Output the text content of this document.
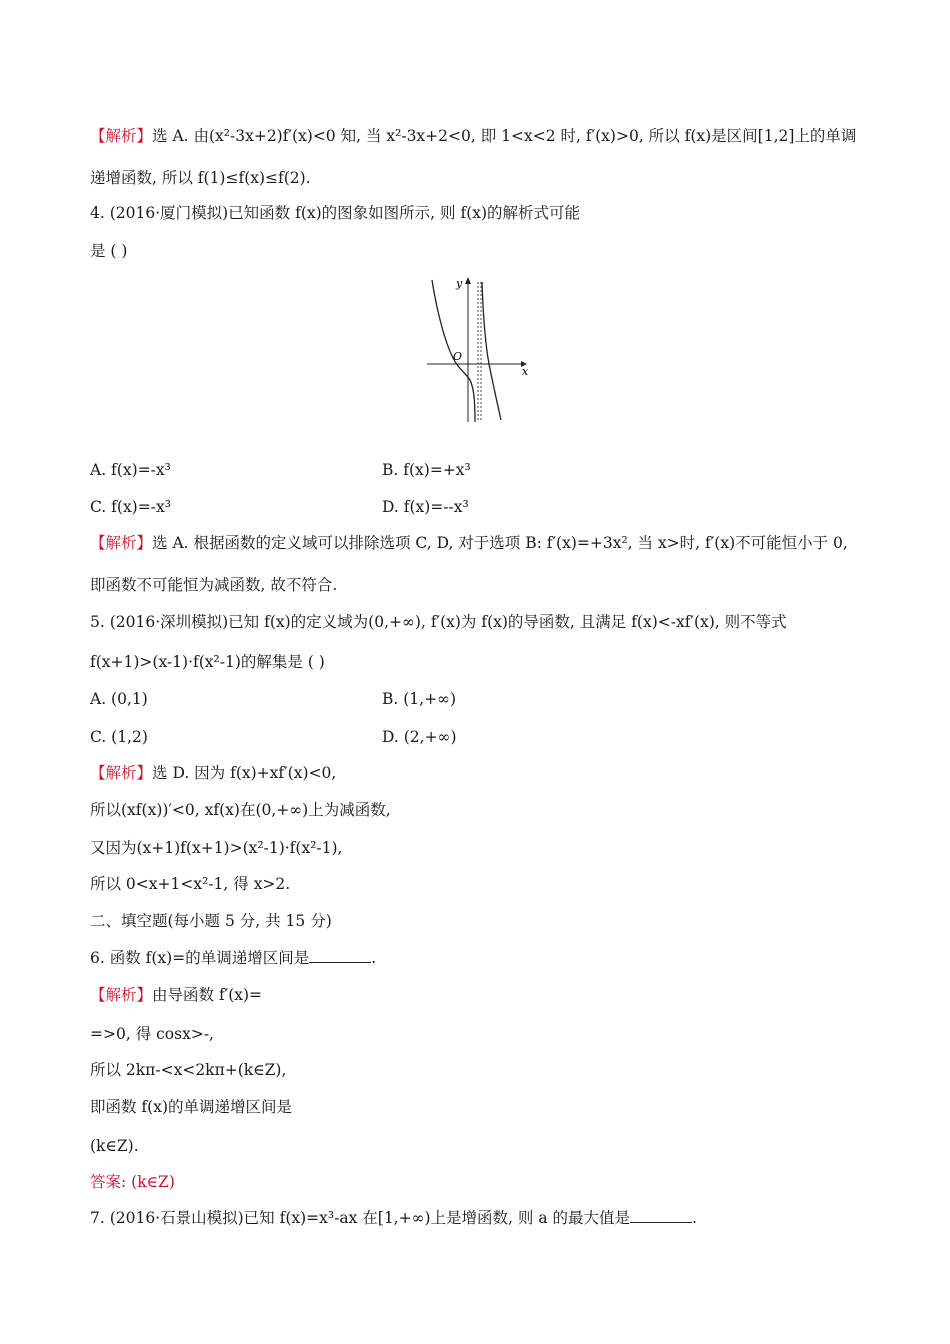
【解析】选 A. 由(x²-3x+2)f′(x)<0 知, 当 x²-3x+2<0, 即 1<x<2 时, f′(x)>0, 所以 f(x)是区间[1,2]上的单调
递增函数, 所以 f(1)≤f(x)≤f(2).
4. (2016·厦门模拟)已知函数 f(x)的图象如图所示, 则 f(x)的解析式可能
是 ( )
y
x
O
A. f(x)=-x³	B. f(x)=+x³
C. f(x)=-x³	D. f(x)=--x³
【解析】选 A. 根据函数的定义域可以排除选项 C, D, 对于选项 B: f′(x)=+3x², 当 x>时, f′(x)不可能恒小于 0,
即函数不可能恒为减函数, 故不符合.
5. (2016·深圳模拟)已知 f(x)的定义域为(0,+∞), f′(x)为 f(x)的导函数, 且满足 f(x)<-xf′(x), 则不等式
f(x+1)>(x-1)·f(x²-1)的解集是 ( )
A. (0,1)	B. (1,+∞)
C. (1,2)	D. (2,+∞)
【解析】选 D. 因为 f(x)+xf′(x)<0,
所以(xf(x))′<0, xf(x)在(0,+∞)上为减函数,
又因为(x+1)f(x+1)>(x²-1)·f(x²-1),
所以 0<x+1<x²-1, 得 x>2.
二、填空题(每小题 5 分, 共 15 分)
6. 函数 f(x)=的单调递增区间是	.
【解析】由导函数 f′(x)=
=>0, 得 cosx>-,
所以 2kπ-<x<2kπ+(k∈Z),
即函数 f(x)的单调递增区间是
(k∈Z).
答案: (k∈Z)
7. (2016·石景山模拟)已知 f(x)=x³-ax 在[1,+∞)上是增函数, 则 a 的最大值是	.
